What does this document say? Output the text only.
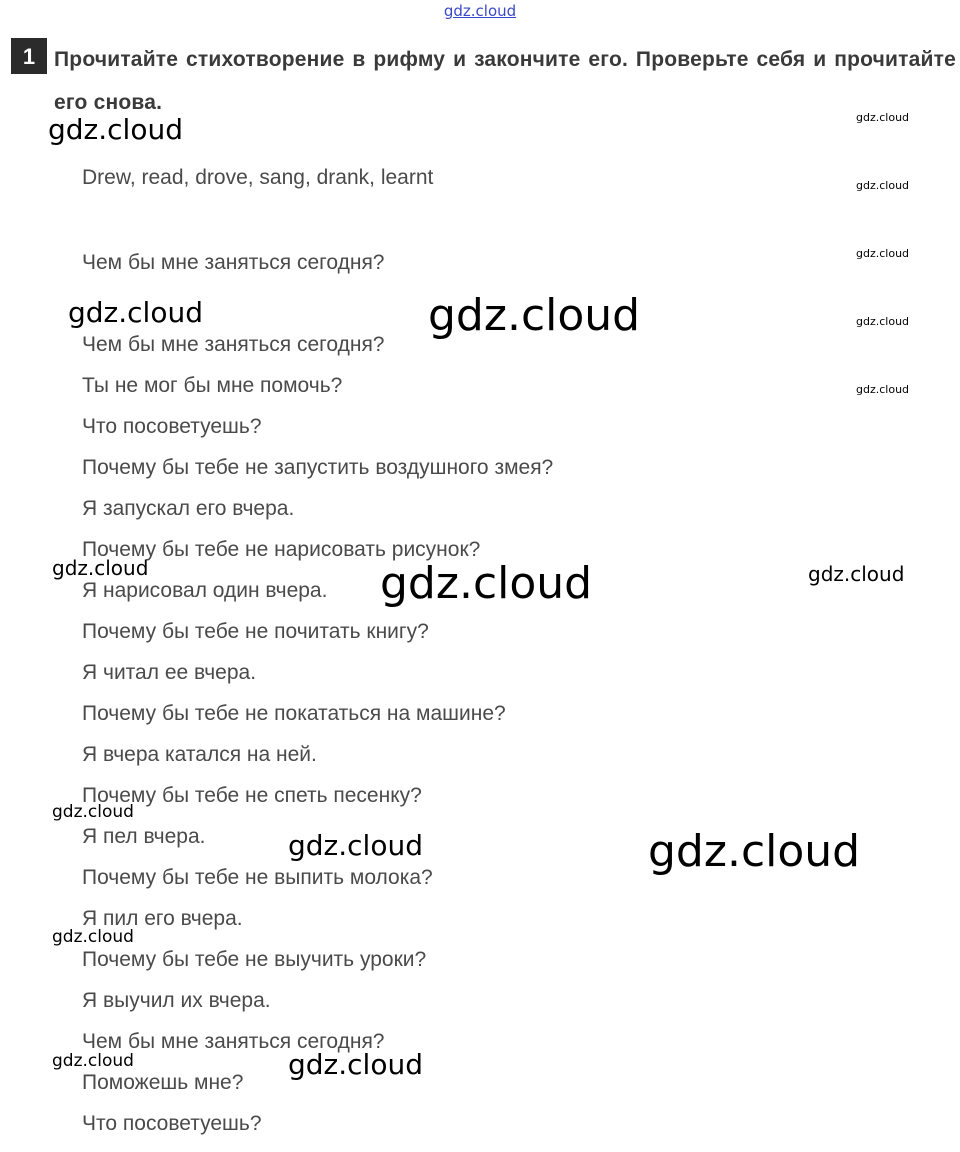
gdz.cloud
1 Прочитайте стихотворение в рифму и закончите его. Проверьте себя и прочитайте его снова.
Drew, read, drove, sang, drank, learnt
Чем бы мне заняться сегодня?
Чем бы мне заняться сегодня?
Ты не мог бы мне помочь?
Что посоветуешь?
Почему бы тебе не запустить воздушного змея?
Я запускал его вчера.
Почему бы тебе не нарисовать рисунок?
Я нарисовал один вчера.
Почему бы тебе не почитать книгу?
Я читал ее вчера.
Почему бы тебе не покататься на машине?
Я вчера катался на ней.
Почему бы тебе не спеть песенку?
Я пел вчера.
Почему бы тебе не выпить молока?
Я пил его вчера.
Почему бы тебе не выучить уроки?
Я выучил их вчера.
Чем бы мне заняться сегодня?
Поможешь мне?
Что посоветуешь?
gdz.cloud	gdz.cloud
gdz.cloud
gdz.cloud
gdz.cloud
gdz.cloud
gdz.cloud	gdz.cloud
gdz.cloud	gdz.cloud	gdz.cloud
gdz.cloud
gdz.cloud	gdz.cloud
gdz.cloud
gdz.cloud	gdz.cloud
